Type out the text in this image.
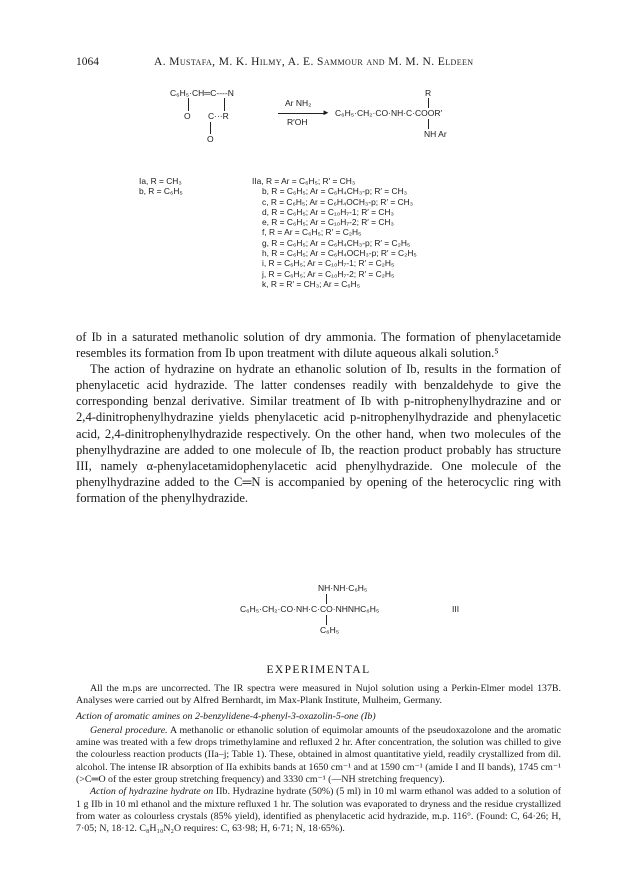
1064	A. Mustafa, M. K. Hilmy, A. E. Sammour and M. M. N. Eldeen
C₆H₅·CH═C----N
O C···R
O
Ar NH₂
►
R′OH
R
C₆H₅·CH₂·CO·NH·C·COOR′
NH Ar
Ia, R = CH₃
b, R = C₆H₅
IIa, R = Ar = C₆H₅; R′ = CH₃
b, R = C₆H₅; Ar = C₆H₄CH₃-p; R′ = CH₃
c, R = C₆H₅; Ar = C₆H₄OCH₃-p; R′ = CH₃
d, R = C₆H₅; Ar = C₁₀H₇-1; R′ = CH₃
e, R = C₆H₅; Ar = C₁₀H₇-2; R′ = CH₃
f, R = Ar = C₆H₅; R′ = C₂H₅
g, R = C₆H₅; Ar = C₆H₄CH₃-p; R′ = C₂H₅
h, R = C₆H₅; Ar = C₆H₄OCH₃-p; R′ = C₂H₅
i, R = C₆H₅; Ar = C₁₀H₇-1; R′ = C₂H₅
j, R = C₆H₅; Ar = C₁₀H₇-2; R′ = C₂H₅
k, R = R′ = CH₃; Ar = C₆H₅

of Ib in a saturated methanolic solution of dry ammonia. The formation of phenylacetamide resembles its formation from Ib upon treatment with dilute aqueous alkali solution.⁵

The action of hydrazine on hydrate an ethanolic solution of Ib, results in the formation of phenylacetic acid hydrazide. The latter condenses readily with benzaldehyde to give the corresponding benzal derivative. Similar treatment of Ib with p-nitrophenylhydrazine and or 2,4-dinitrophenylhydrazine yields phenylacetic acid p-nitrophenylhydrazide and phenylacetic acid, 2,4-dinitrophenylhydrazide respectively. On the other hand, when two molecules of the phenylhydrazine are added to one molecule of Ib, the reaction product probably has structure III, namely α-phenylacetamidophenylacetic acid phenylhydrazide. One molecule of the phenylhydrazine added to the C═N is accompanied by opening of the heterocyclic ring with formation of the phenylhydrazide.

NH·NH·C₆H₅
C₆H₅·CH₂·CO·NH·C·CO·NHNHC₆H₅
C₆H₅
III
EXPERIMENTAL

All the m.ps are uncorrected. The IR spectra were measured in Nujol solution using a Perkin-Elmer model 137B. Analyses were carried out by Alfred Bernhardt, im Max-Plank Institute, Mulheim, Germany.

Action of aromatic amines on 2-benzylidene-4-phenyl-3-oxazolin-5-one (Ib)

General procedure. A methanolic or ethanolic solution of equimolar amounts of the pseudoxazolone and the aromatic amine was treated with a few drops trimethylamine and refluxed 2 hr. After concentration, the solution was chilled to give the colourless reaction products (IIa–j; Table 1). These, obtained in almost quantitative yield, readily crystallized from dil. alcohol. The intense IR absorption of IIa exhibits bands at 1650 cm⁻¹ and at 1590 cm⁻¹ (amide I and II bands), 1745 cm⁻¹ (>C═O of the ester group stretching frequency) and 3330 cm⁻¹ (—NH stretching frequency).

Action of hydrazine hydrate on IIb. Hydrazine hydrate (50%) (5 ml) in 10 ml warm ethanol was added to a solution of 1 g IIb in 10 ml ethanol and the mixture refluxed 1 hr. The solution was evaporated to dryness and the residue crystallized from water as colourless crystals (85% yield), identified as phenylacetic acid hydrazide, m.p. 116°. (Found: C, 64·26; H, 7·05; N, 18·12. C₈H₁₀N₂O requires: C, 63·98; H, 6·71; N, 18·65%).
